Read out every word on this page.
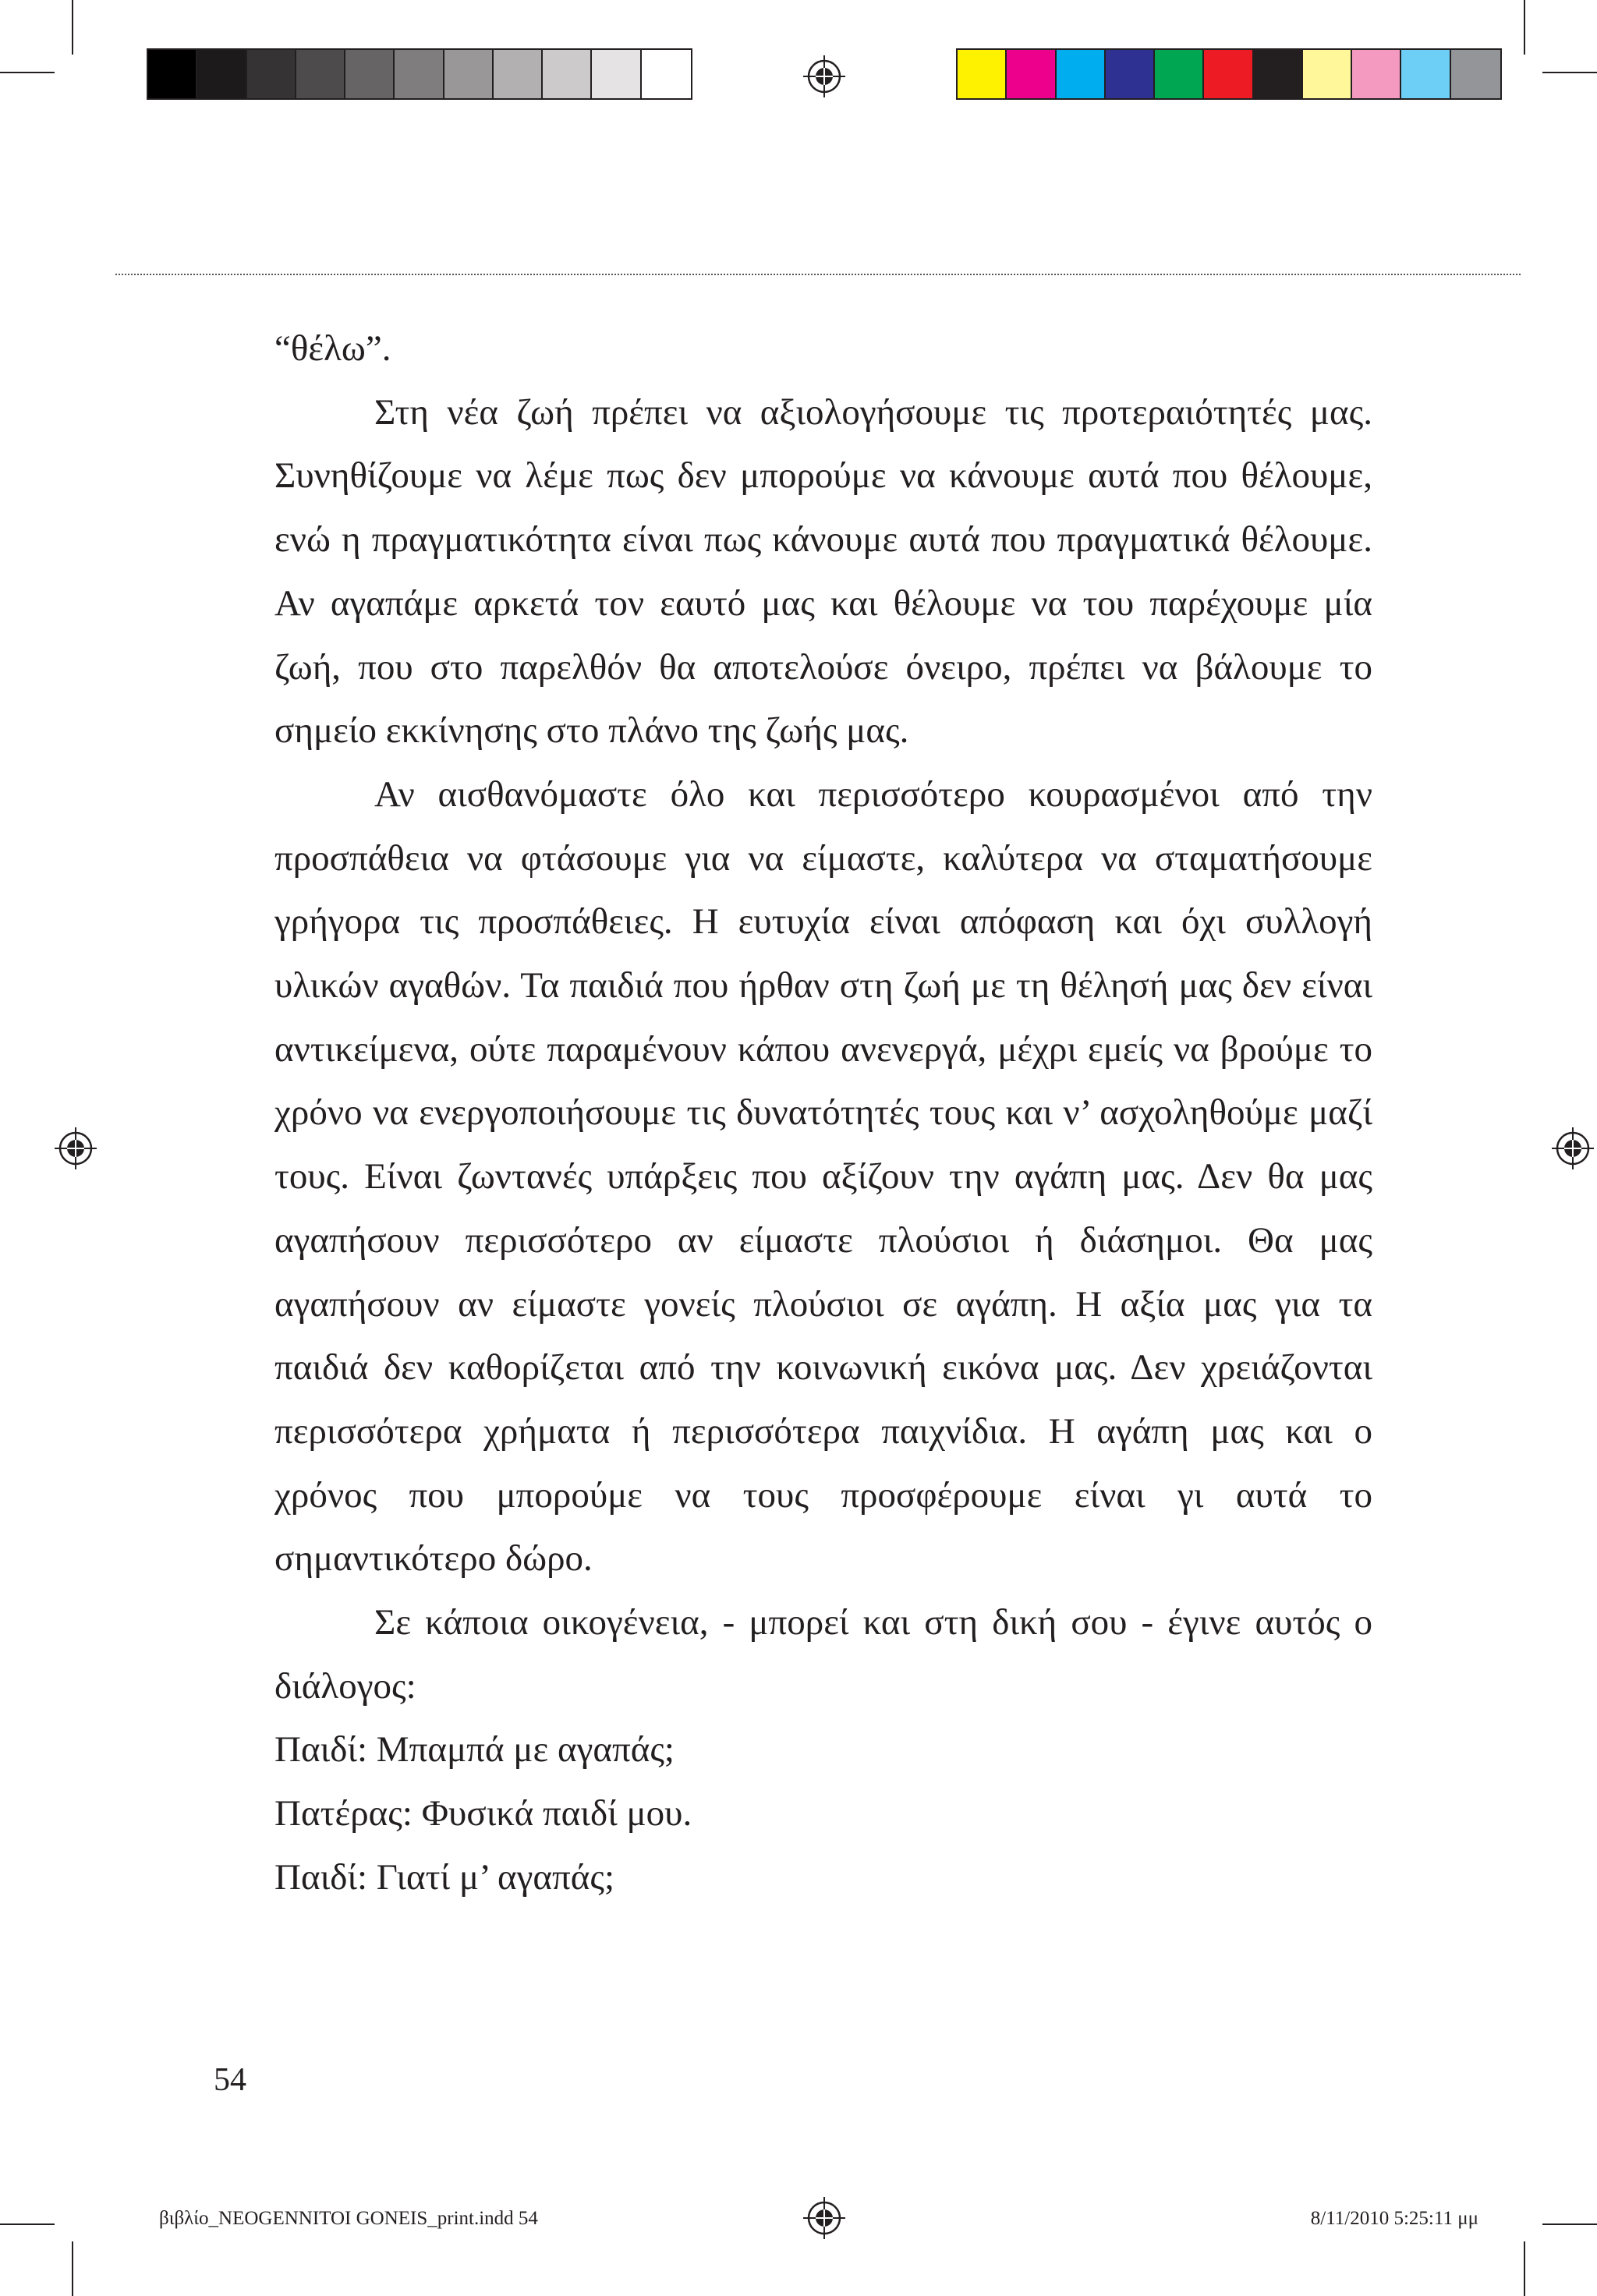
“θέλω”.

Στη νέα ζωή πρέπει να αξιολογήσουμε τις προτεραιότητές μας. Συνηθίζουμε να λέμε πως δεν μπορούμε να κάνουμε αυτά που θέλουμε, ενώ η πραγματικότητα είναι πως κάνουμε αυτά που πραγματικά θέλουμε. Αν αγαπάμε αρκετά τον εαυτό μας και θέλουμε να του παρέχουμε μία ζωή, που στο παρελθόν θα αποτελούσε όνειρο, πρέπει να βάλουμε το σημείο εκκίνησης στο πλάνο της ζωής μας.

Αν αισθανόμαστε όλο και περισσότερο κουρασμένοι από την προσπάθεια να φτάσουμε για να είμαστε, καλύτερα να σταματήσουμε γρήγορα τις προσπάθειες. Η ευτυχία είναι απόφαση και όχι συλλογή υλικών αγαθών. Τα παιδιά που ήρθαν στη ζωή με τη θέλησή μας δεν είναι αντικείμενα, ούτε παραμένουν κάπου ανενεργά, μέχρι εμείς να βρούμε το χρόνο να ενεργοποιήσουμε τις δυνατότητές τους και ν’ ασχοληθούμε μαζί τους. Είναι ζωντανές υπάρξεις που αξίζουν την αγάπη μας. Δεν θα μας αγαπήσουν περισσότερο αν είμαστε πλούσιοι ή διάσημοι. Θα μας αγαπήσουν αν είμαστε γονείς πλούσιοι σε αγάπη. Η αξία μας για τα παιδιά δεν καθορίζεται από την κοινωνική εικόνα μας. Δεν χρειάζονται περισσότερα χρήματα ή περισσότερα παιχνίδια. Η αγάπη μας και ο χρόνος που μπορούμε να τους προσφέρουμε είναι γι αυτά το σημαντικότερο δώρο.

Σε κάποια οικογένεια, - μπορεί και στη δική σου - έγινε αυτός ο διάλογος:

Παιδί: Μπαμπά με αγαπάς;

Πατέρας: Φυσικά παιδί μου.

Παιδί: Γιατί μ’ αγαπάς;

54
βιβλίο_NEOGENNITOI GONEIS_print.indd 54	8/11/2010 5:25:11 μμ
